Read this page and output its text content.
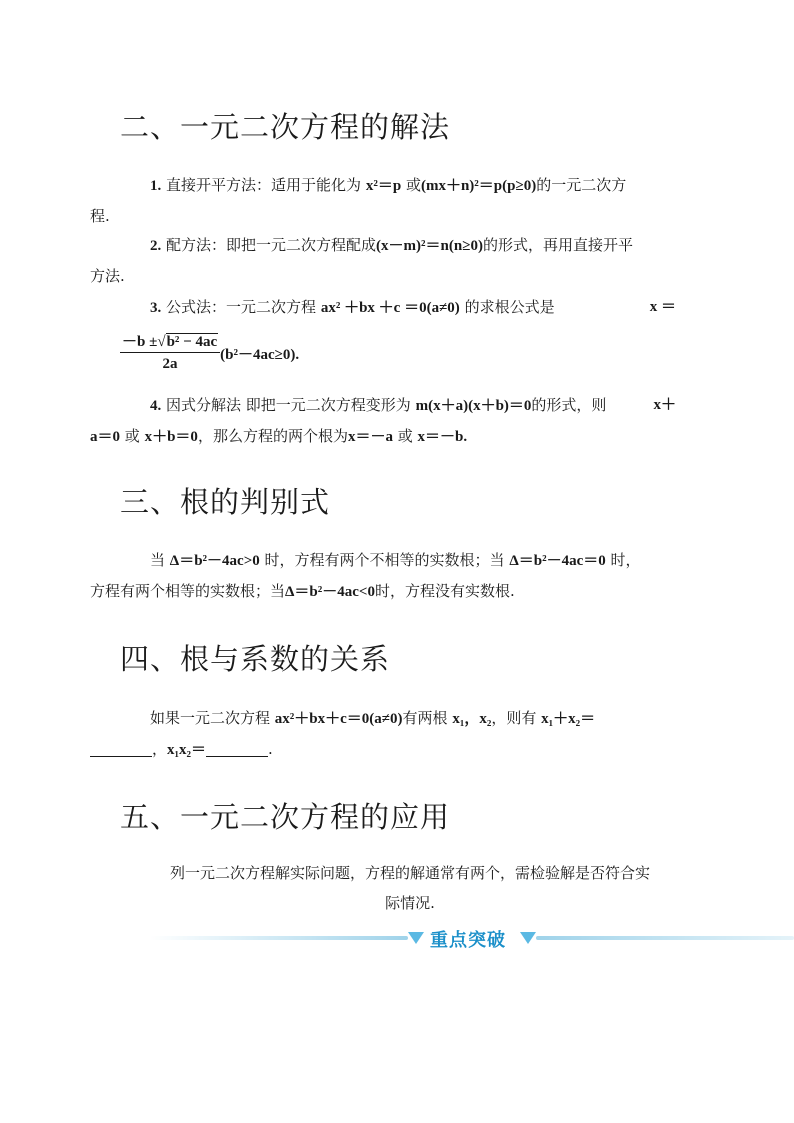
二、一元二次方程的解法

1. 直接开平方法：适用于能化为 x²＝p 或(mx＋n)²＝p(p≥0)的一元二次方
程.

2. 配方法：即把一元二次方程配成(x－m)²＝n(n≥0)的形式，再用直接开平
方法.

3. 公式法：一元二次方程 ax² ＋bx ＋c ＝0(a≠0) 的求根公式是	x ＝

$\frac{\text{－b ±√b² − 4ac}}{2a} (b^2-4ac\ge 0)$.

4. 因式分解法 即把一元二次方程变形为 m(x＋a)(x＋b)＝0的形式，则	x＋

a＝0 或 x＋b＝0，那么方程的两个根为x＝－a 或 x＝－b.

三、根的判别式

当 Δ＝b²－4ac>0 时，方程有两个不相等的实数根；当 Δ＝b²－4ac＝0 时，
方程有两个相等的实数根；当Δ＝b²－4ac<0时，方程没有实数根.

四、根与系数的关系

如果一元二次方程 ax²＋bx＋c＝0(a≠0)有两根 x₁，x₂，则有 x₁＋x₂＝
，x₁x₂＝	.

五、一元二次方程的应用

列一元二次方程解实际问题，方程的解通常有两个，需检验解是否符合实
际情况.

重点突破
